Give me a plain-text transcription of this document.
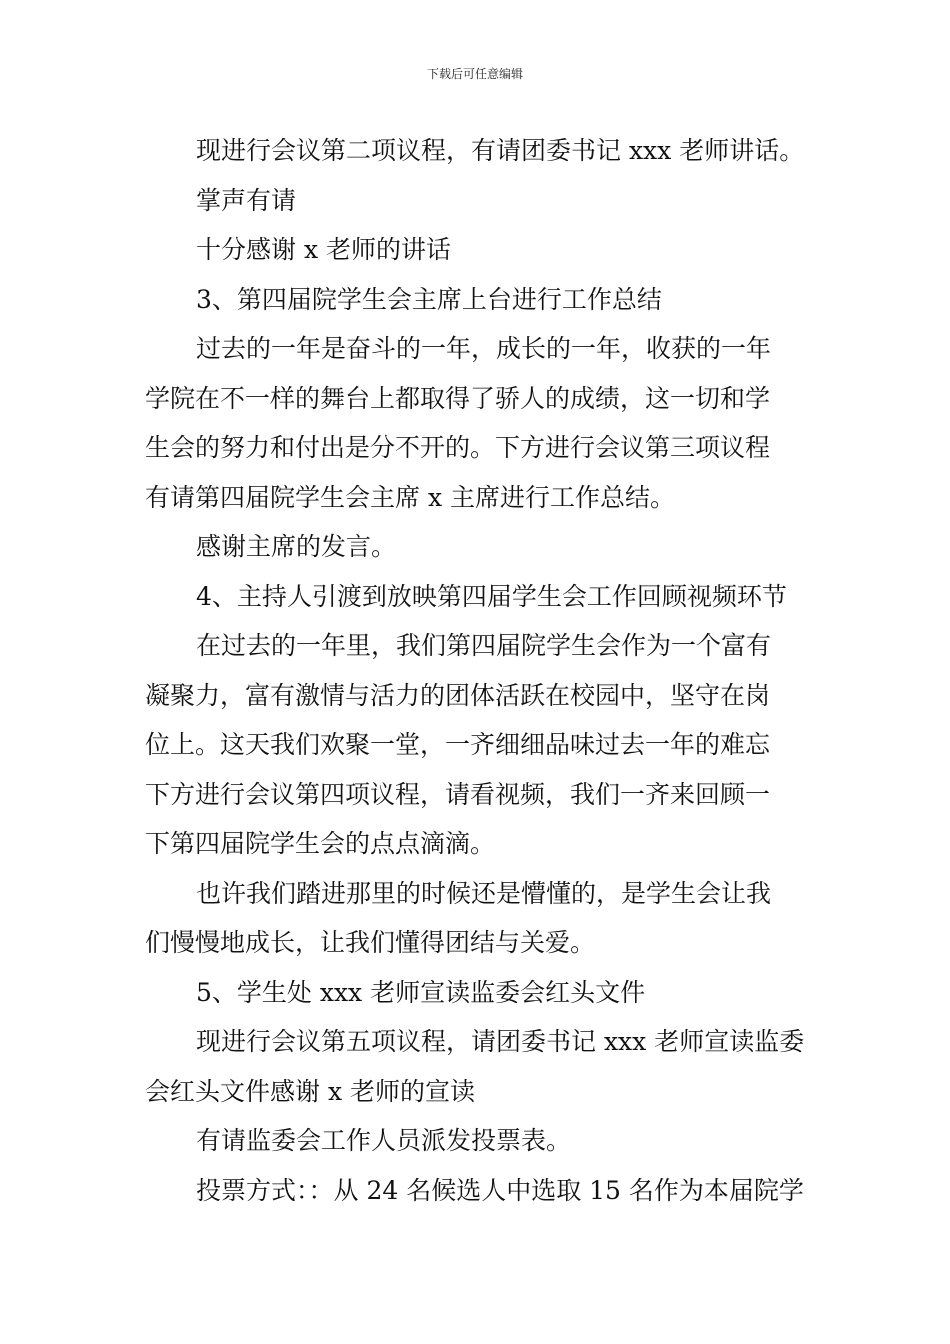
下载后可任意编辑
现进行会议第二项议程，有请团委书记 xxx 老师讲话。
掌声有请
十分感谢 x 老师的讲话
3、第四届院学生会主席上台进行工作总结
过去的一年是奋斗的一年，成长的一年，收获的一年
学院在不一样的舞台上都取得了骄人的成绩，这一切和学
生会的努力和付出是分不开的。下方进行会议第三项议程
有请第四届院学生会主席 x 主席进行工作总结。
感谢主席的发言。
4、主持人引渡到放映第四届学生会工作回顾视频环节
在过去的一年里，我们第四届院学生会作为一个富有
凝聚力，富有激情与活力的团体活跃在校园中，坚守在岗
位上。这天我们欢聚一堂，一齐细细品味过去一年的难忘
下方进行会议第四项议程，请看视频，我们一齐来回顾一
下第四届院学生会的点点滴滴。
也许我们踏进那里的时候还是懵懂的，是学生会让我
们慢慢地成长，让我们懂得团结与关爱。
5、学生处 xxx 老师宣读监委会红头文件
现进行会议第五项议程，请团委书记 xxx 老师宣读监委
会红头文件感谢 x 老师的宣读
有请监委会工作人员派发投票表。
投票方式：：从 24 名候选人中选取 15 名作为本届院学
